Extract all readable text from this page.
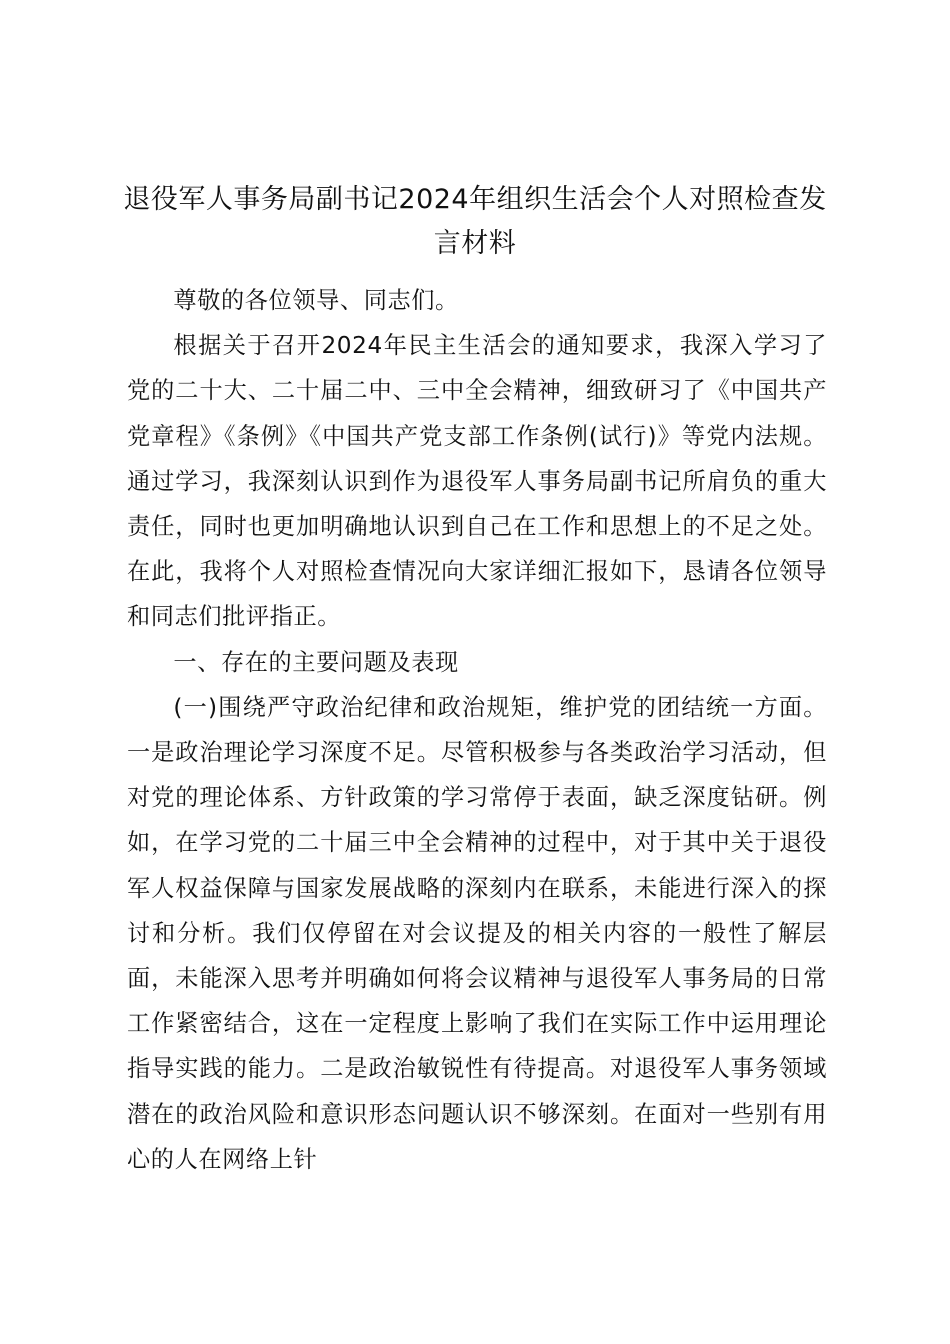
退役军人事务局副书记2024年组织生活会个人对照检查发言材料

尊敬的各位领导、同志们。

根据关于召开2024年民主生活会的通知要求，我深入学习了党的二十大、二十届二中、三中全会精神，细致研习了《中国共产党章程》《条例》《中国共产党支部工作条例(试行)》等党内法规。通过学习，我深刻认识到作为退役军人事务局副书记所肩负的重大责任，同时也更加明确地认识到自己在工作和思想上的不足之处。在此，我将个人对照检查情况向大家详细汇报如下，恳请各位领导和同志们批评指正。

一、存在的主要问题及表现

(一)围绕严守政治纪律和政治规矩，维护党的团结统一方面。一是政治理论学习深度不足。尽管积极参与各类政治学习活动，但对党的理论体系、方针政策的学习常停于表面，缺乏深度钻研。例如，在学习党的二十届三中全会精神的过程中，对于其中关于退役军人权益保障与国家发展战略的深刻内在联系，未能进行深入的探讨和分析。我们仅停留在对会议提及的相关内容的一般性了解层面，未能深入思考并明确如何将会议精神与退役军人事务局的日常工作紧密结合，这在一定程度上影响了我们在实际工作中运用理论指导实践的能力。二是政治敏锐性有待提高。对退役军人事务领域潜在的政治风险和意识形态问题认识不够深刻。在面对一些别有用心的人在网络上针
